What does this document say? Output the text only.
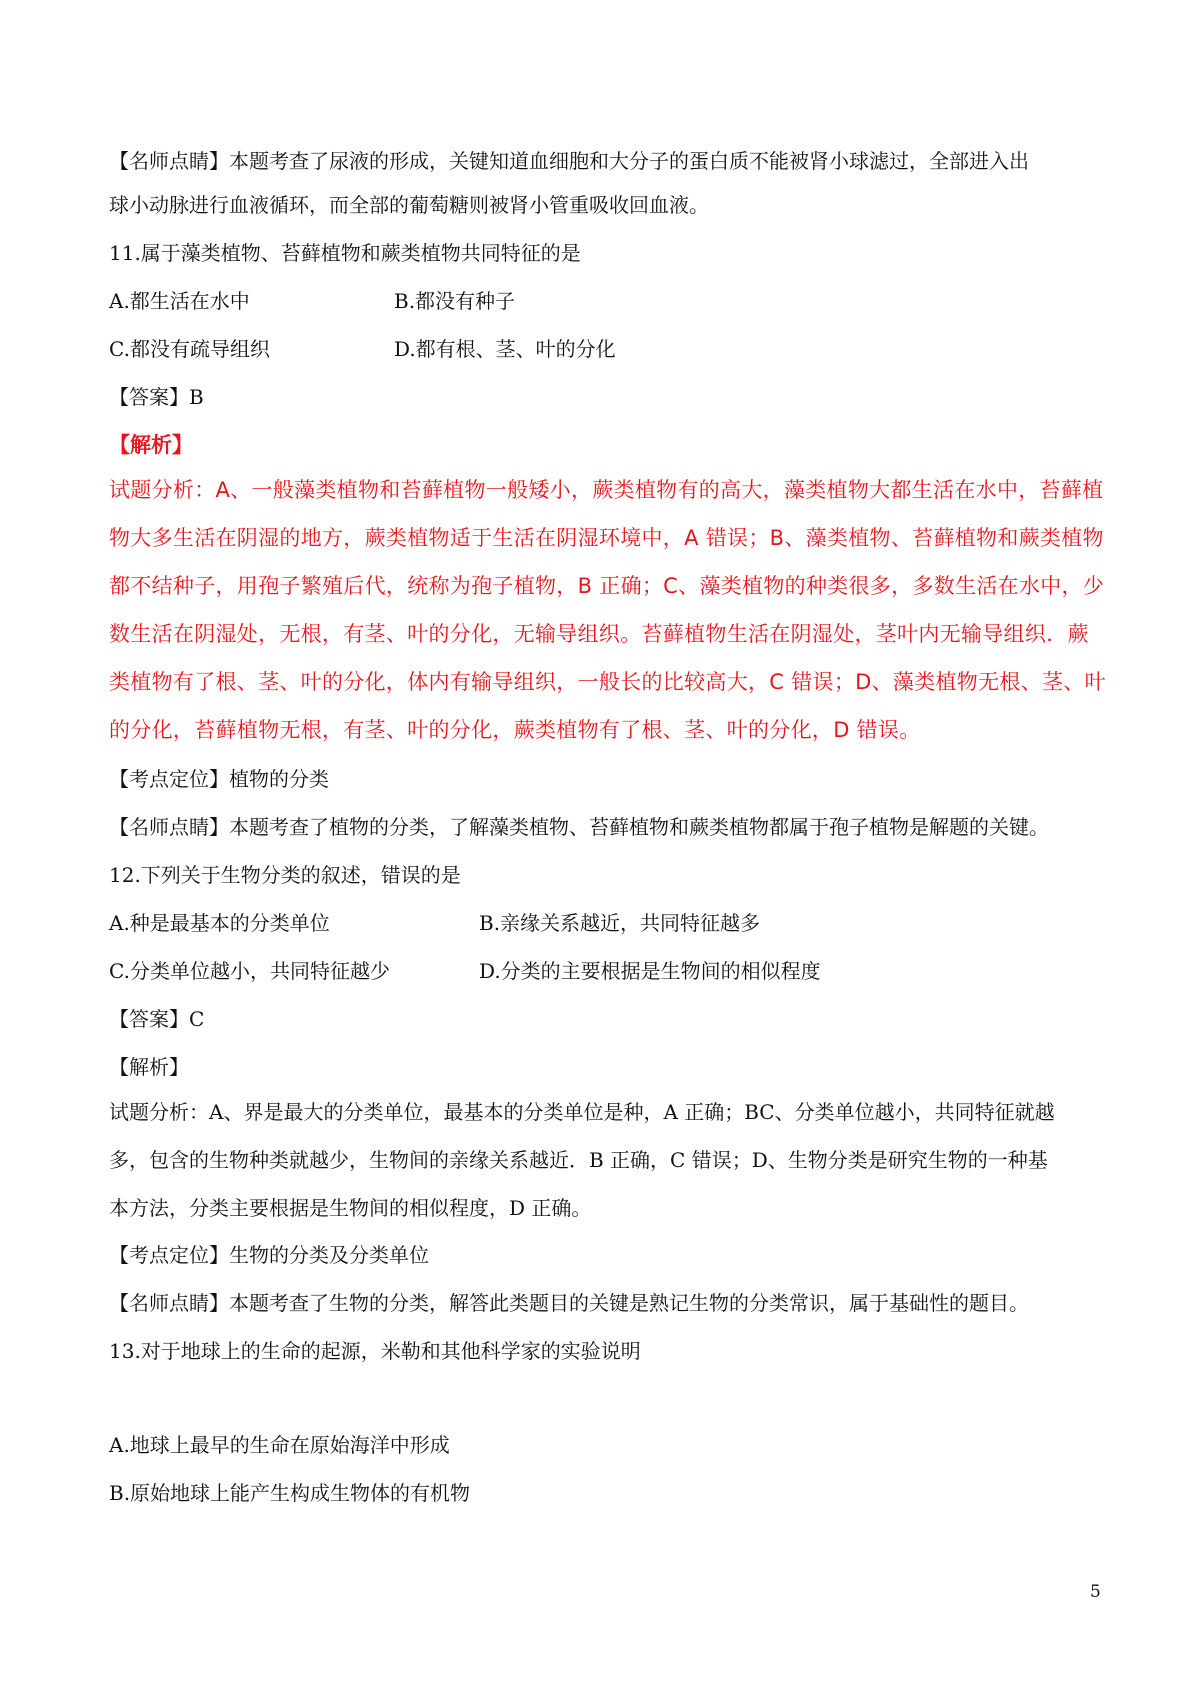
【名师点睛】本题考查了尿液的形成，关键知道血细胞和大分子的蛋白质不能被肾小球滤过，全部进入出
球小动脉进行血液循环，而全部的葡萄糖则被肾小管重吸收回血液。
11.属于藻类植物、苔藓植物和蕨类植物共同特征的是
A.都生活在水中	B.都没有种子
C.都没有疏导组织	D.都有根、茎、叶的分化
【答案】B
【解析】
试题分析：A、一般藻类植物和苔藓植物一般矮小，蕨类植物有的高大，藻类植物大都生活在水中，苔藓植
物大多生活在阴湿的地方，蕨类植物适于生活在阴湿环境中，A 错误；B、藻类植物、苔藓植物和蕨类植物
都不结种子，用孢子繁殖后代，统称为孢子植物，B 正确；C、藻类植物的种类很多，多数生活在水中，少
数生活在阴湿处，无根，有茎、叶的分化，无输导组织。苔藓植物生活在阴湿处，茎叶内无输导组织．蕨
类植物有了根、茎、叶的分化，体内有输导组织，一般长的比较高大，C 错误；D、藻类植物无根、茎、叶
的分化，苔藓植物无根，有茎、叶的分化，蕨类植物有了根、茎、叶的分化，D 错误。
【考点定位】植物的分类
【名师点睛】本题考查了植物的分类，了解藻类植物、苔藓植物和蕨类植物都属于孢子植物是解题的关键。
12.下列关于生物分类的叙述，错误的是
A.种是最基本的分类单位	B.亲缘关系越近，共同特征越多
C.分类单位越小，共同特征越少	D.分类的主要根据是生物间的相似程度
【答案】C
【解析】
试题分析：A、界是最大的分类单位，最基本的分类单位是种，A 正确；BC、分类单位越小，共同特征就越
多，包含的生物种类就越少，生物间的亲缘关系越近．B 正确，C 错误；D、生物分类是研究生物的一种基
本方法，分类主要根据是生物间的相似程度，D 正确。
【考点定位】生物的分类及分类单位
【名师点睛】本题考查了生物的分类，解答此类题目的关键是熟记生物的分类常识，属于基础性的题目。
13.对于地球上的生命的起源，米勒和其他科学家的实验说明
A.地球上最早的生命在原始海洋中形成
B.原始地球上能产生构成生物体的有机物
5
